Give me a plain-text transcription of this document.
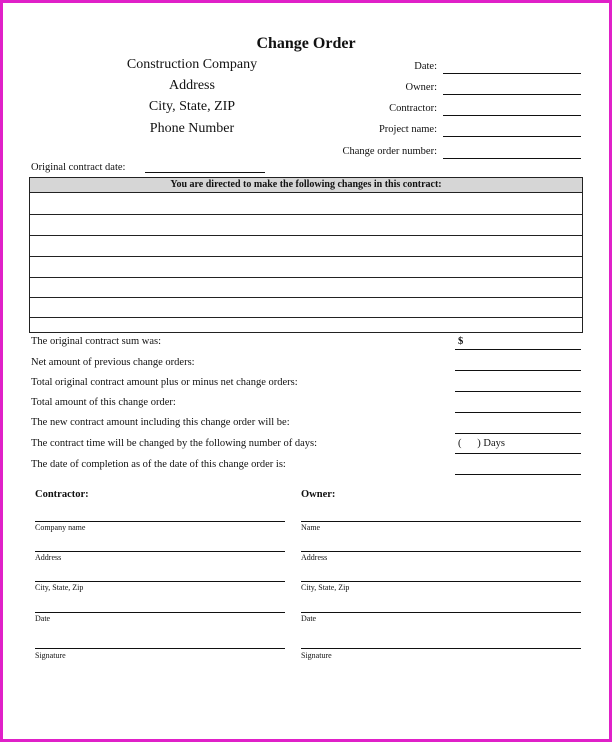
Change Order
Construction Company
Address
City, State, ZIP
Phone Number
Date:
Owner:
Contractor:
Project name:
Change order number:
Original contract date:
You are directed to make the following changes in this contract:
The original contract sum was:	$
Net amount of previous change orders:
Total original contract amount plus or minus net change orders:
Total amount of this change order:
The new contract amount including this change order will be:
The contract time will be changed by the following number of days:	(      ) Days
The date of completion as of the date of this change order is:
Contractor:
Company name
Address
City, State, Zip
Date
Signature
Owner:
Name
Address
City, State, Zip
Date
Signature
